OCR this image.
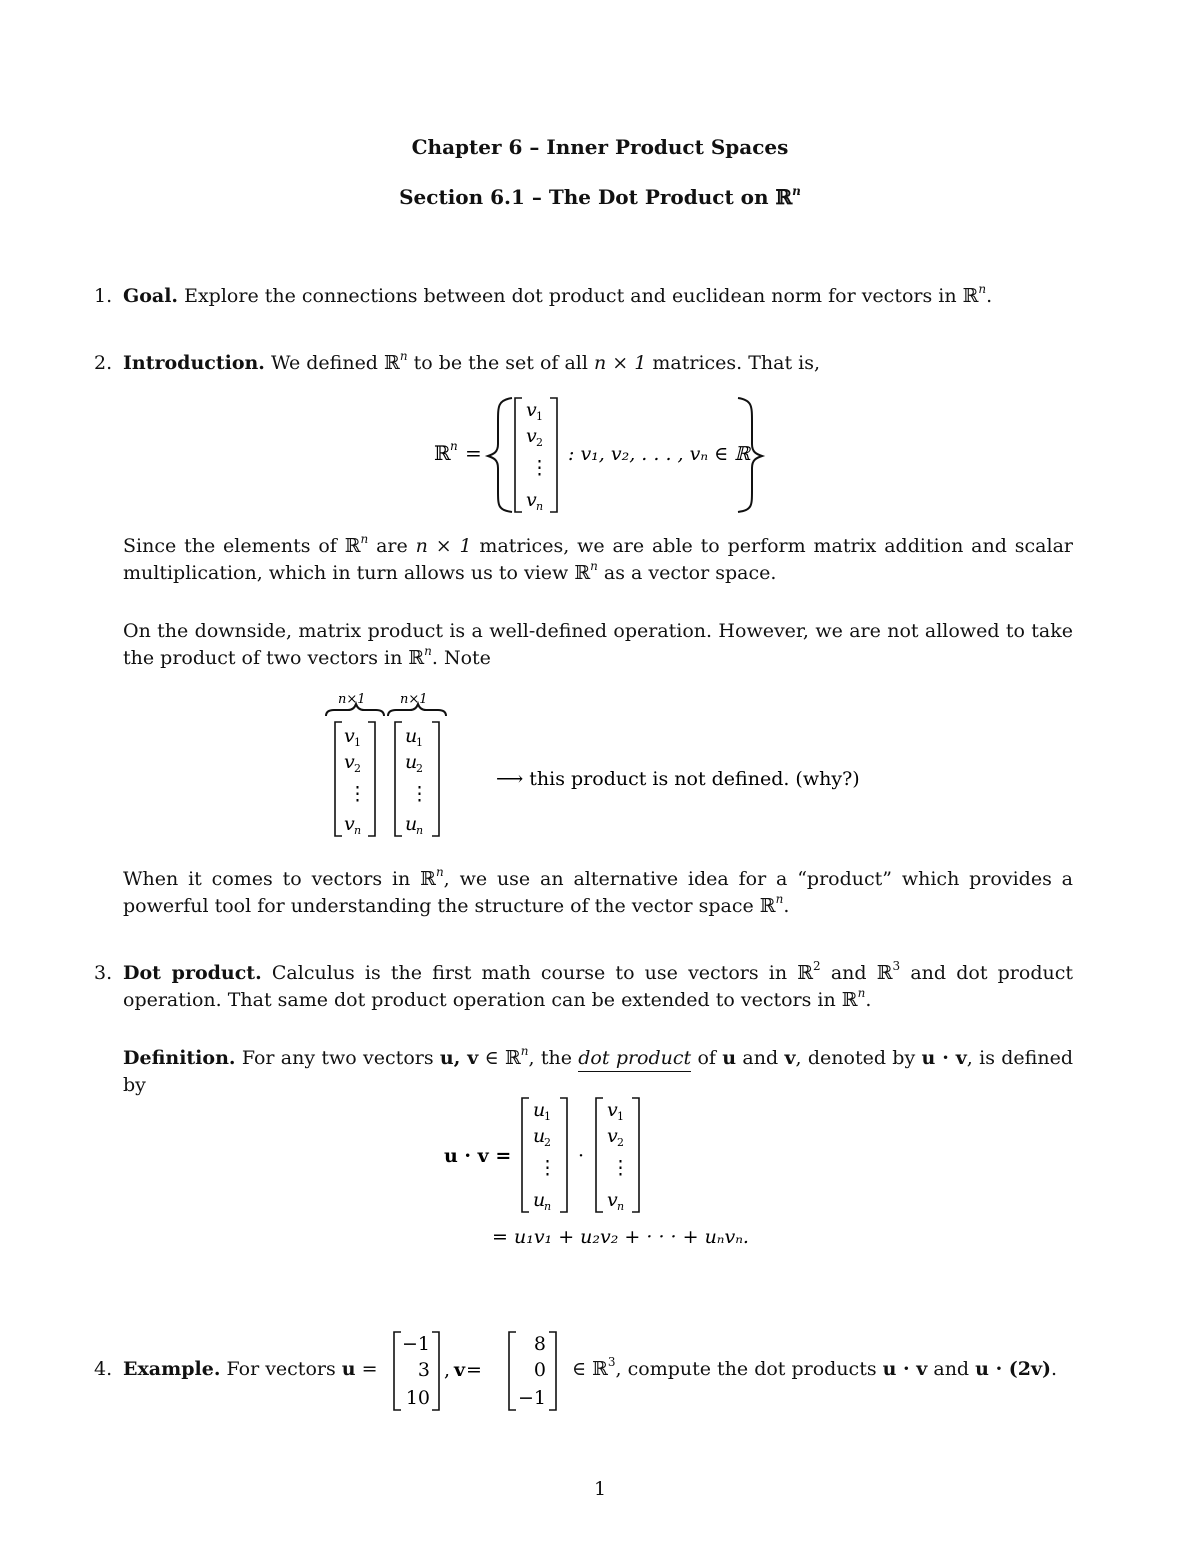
Chapter 6 – Inner Product Spaces
Section 6.1 – The Dot Product on ℝ$^n$
1. Goal. Explore the connections between dot product and euclidean norm for vectors in ℝ$^n$.
2. Introduction. We defined ℝ$^n$ to be the set of all n × 1 matrices. That is,
ℝ n =
v 1
v 2
⋮
v n
: v₁, v₂, . . . , vₙ ∈ ℝ
Since the elements of ℝ$^n$ are n × 1 matrices, we are able to perform matrix addition and scalar multiplication, which in turn allows us to view ℝ$^n$ as a vector space.
On the downside, matrix product is a well-defined operation. However, we are not allowed to take the product of two vectors in ℝ$^n$. Note
n×1	n×1
v 1
v 2
⋮
v n
u
1
u
2
⋮
u
n
⟶ this product is not defined. (why?)
When it comes to vectors in ℝ$^n$, we use an alternative idea for a “product” which provides a powerful tool for understanding the structure of the vector space ℝ$^n$.
3. Dot product. Calculus is the first math course to use vectors in ℝ$^2$ and ℝ$^3$ and dot product operation. That same dot product operation can be extended to vectors in ℝ$^n$.
Definition. For any two vectors u, v ∈ ℝ$^n$, the dot product of u and v, denoted by u · v, is defined by
u · v =
u
1
u
2
⋮
u
n
·
v 1
v 2
⋮
v n
= u₁v₁ + u₂v₂ + · · · + uₙvₙ.
4. Example. For vectors u =
−1
3
10
, v =
8
0
−1
∈ ℝ$^3$, compute the dot products u · v and u · (2v).
1
